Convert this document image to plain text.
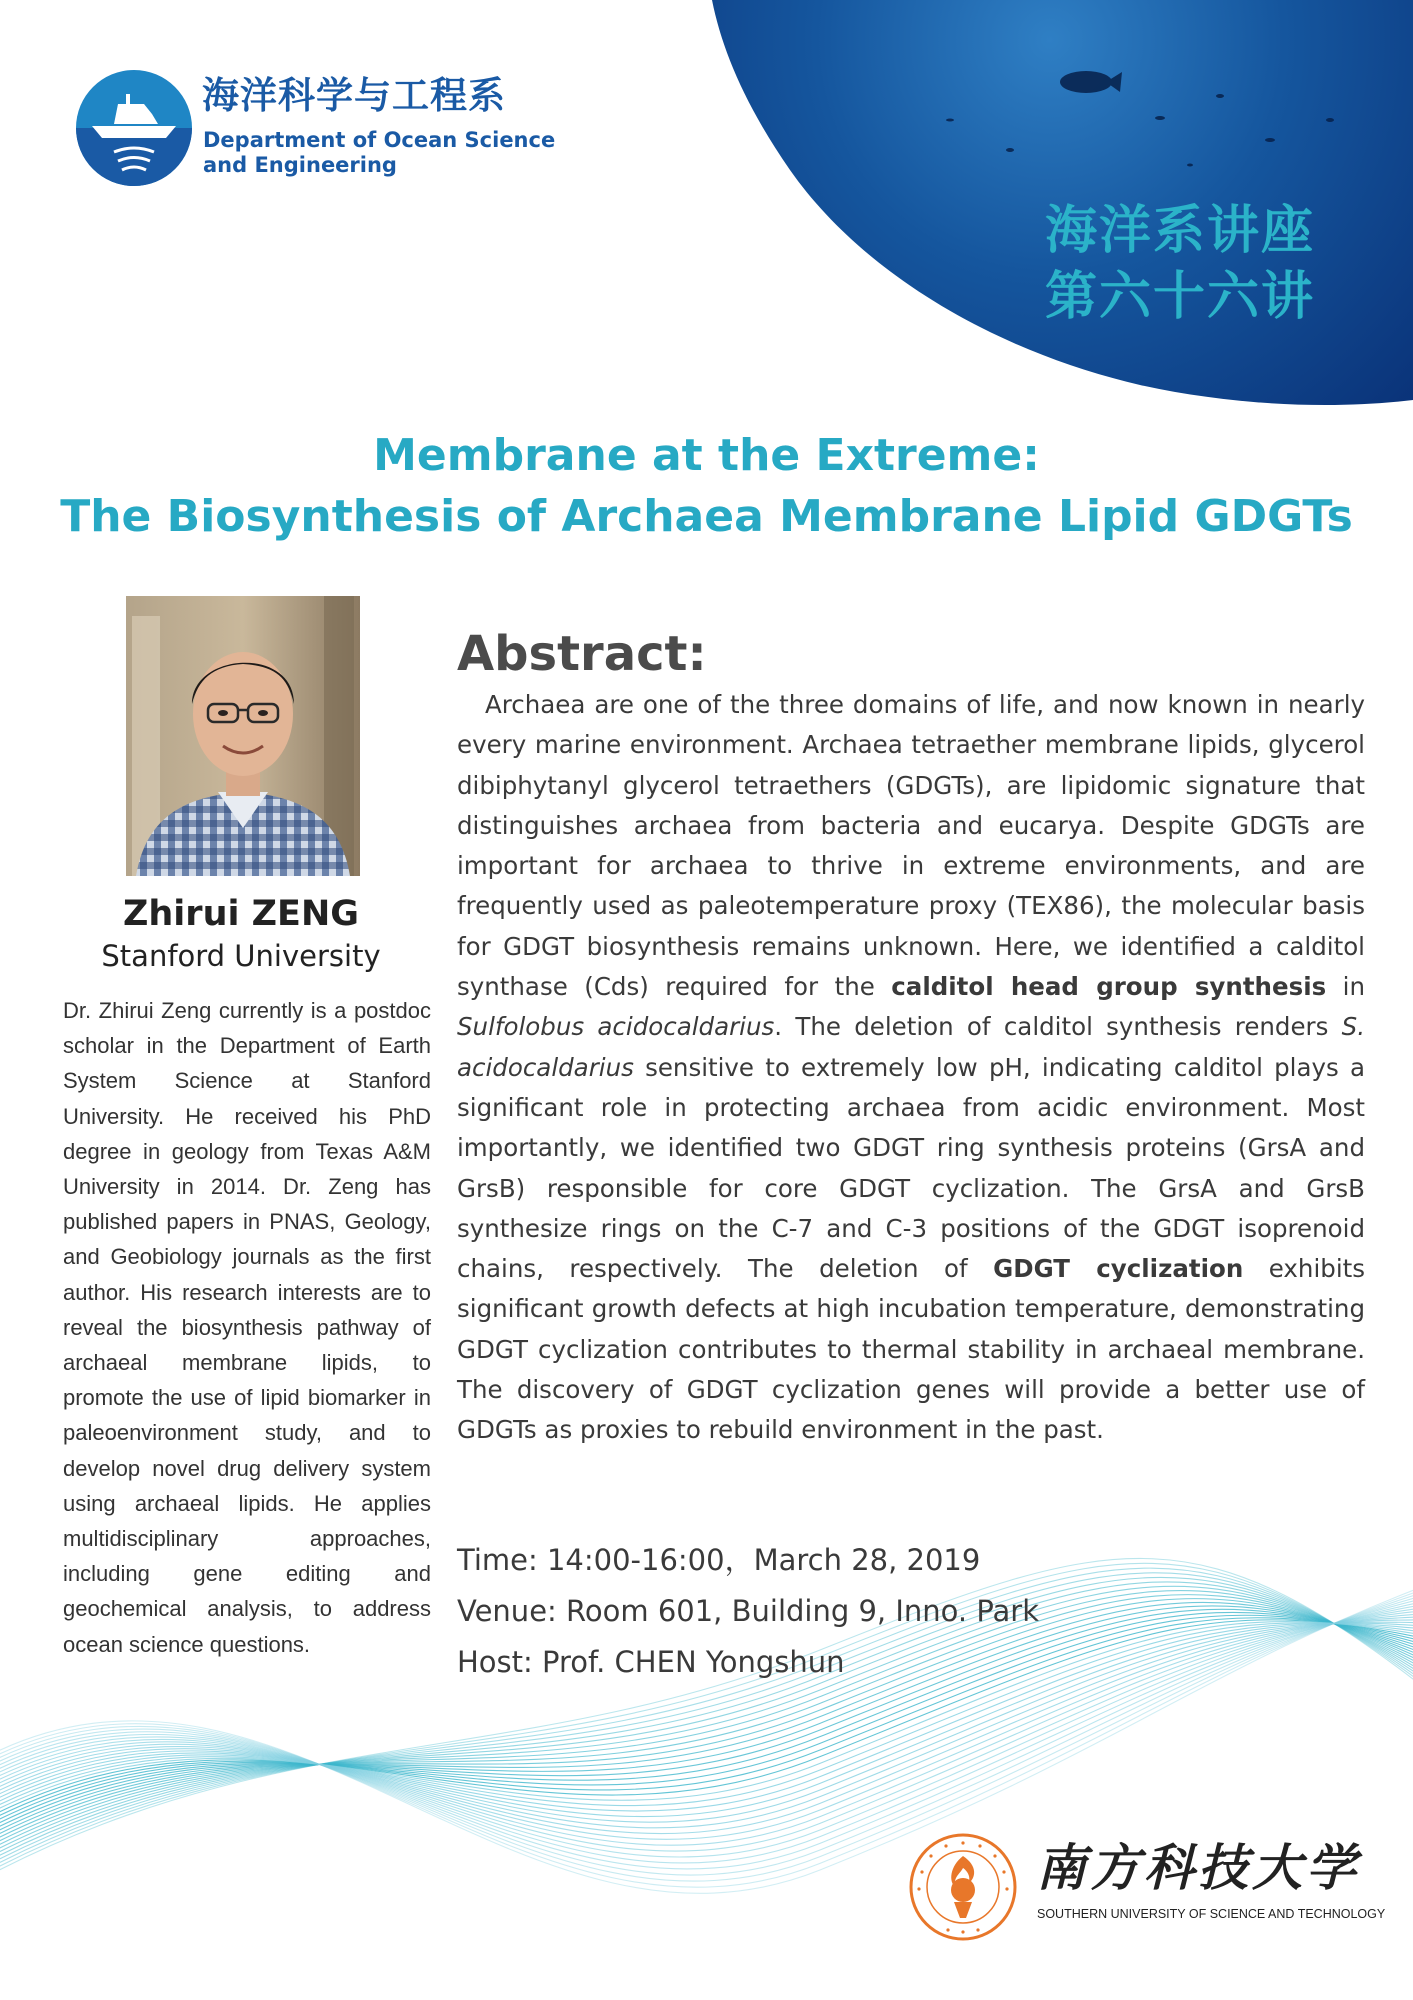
海洋系讲座
第六十六讲
海洋科学与工程系
Department of Ocean Science
and Engineering
Membrane at the Extreme:
The Biosynthesis of Archaea Membrane Lipid GDGTs
Zhirui ZENG
Stanford University
Dr. Zhirui Zeng currently is a postdoc scholar in the Department of Earth System Science at Stanford University. He received his PhD degree in geology from Texas A&M University in 2014. Dr. Zeng has published papers in PNAS, Geology, and Geobiology journals as the first author. His research interests are to reveal the biosynthesis pathway of archaeal membrane lipids, to promote the use of lipid biomarker in paleoenvironment study, and to develop novel drug delivery system using archaeal lipids. He applies multidisciplinary approaches, including gene editing and geochemical analysis, to address ocean science questions.
Abstract:

Archaea are one of the three domains of life, and now known in nearly every marine environment. Archaea tetraether membrane lipids, glycerol dibiphytanyl glycerol tetraethers (GDGTs), are lipidomic signature that distinguishes archaea from bacteria and eucarya. Despite GDGTs are important for archaea to thrive in extreme environments, and are frequently used as paleotemperature proxy (TEX86), the molecular basis for GDGT biosynthesis remains unknown. Here, we identified a calditol synthase (Cds) required for the calditol head group synthesis in Sulfolobus acidocaldarius. The deletion of calditol synthesis renders S. acidocaldarius sensitive to extremely low pH, indicating calditol plays a significant role in protecting archaea from acidic environment. Most importantly, we identified two GDGT ring synthesis proteins (GrsA and GrsB) responsible for core GDGT cyclization. The GrsA and GrsB synthesize rings on the C-7 and C-3 positions of the GDGT isoprenoid chains, respectively. The deletion of GDGT cyclization exhibits significant growth defects at high incubation temperature, demonstrating GDGT cyclization contributes to thermal stability in archaeal membrane. The discovery of GDGT cyclization genes will provide a better use of GDGTs as proxies to rebuild environment in the past.

Time: 14:00-16:00，March 28, 2019
Venue: Room 601, Building 9, Inno. Park
Host: Prof. CHEN Yongshun
南方科技大学
SOUTHERN UNIVERSITY OF SCIENCE AND TECHNOLOGY
